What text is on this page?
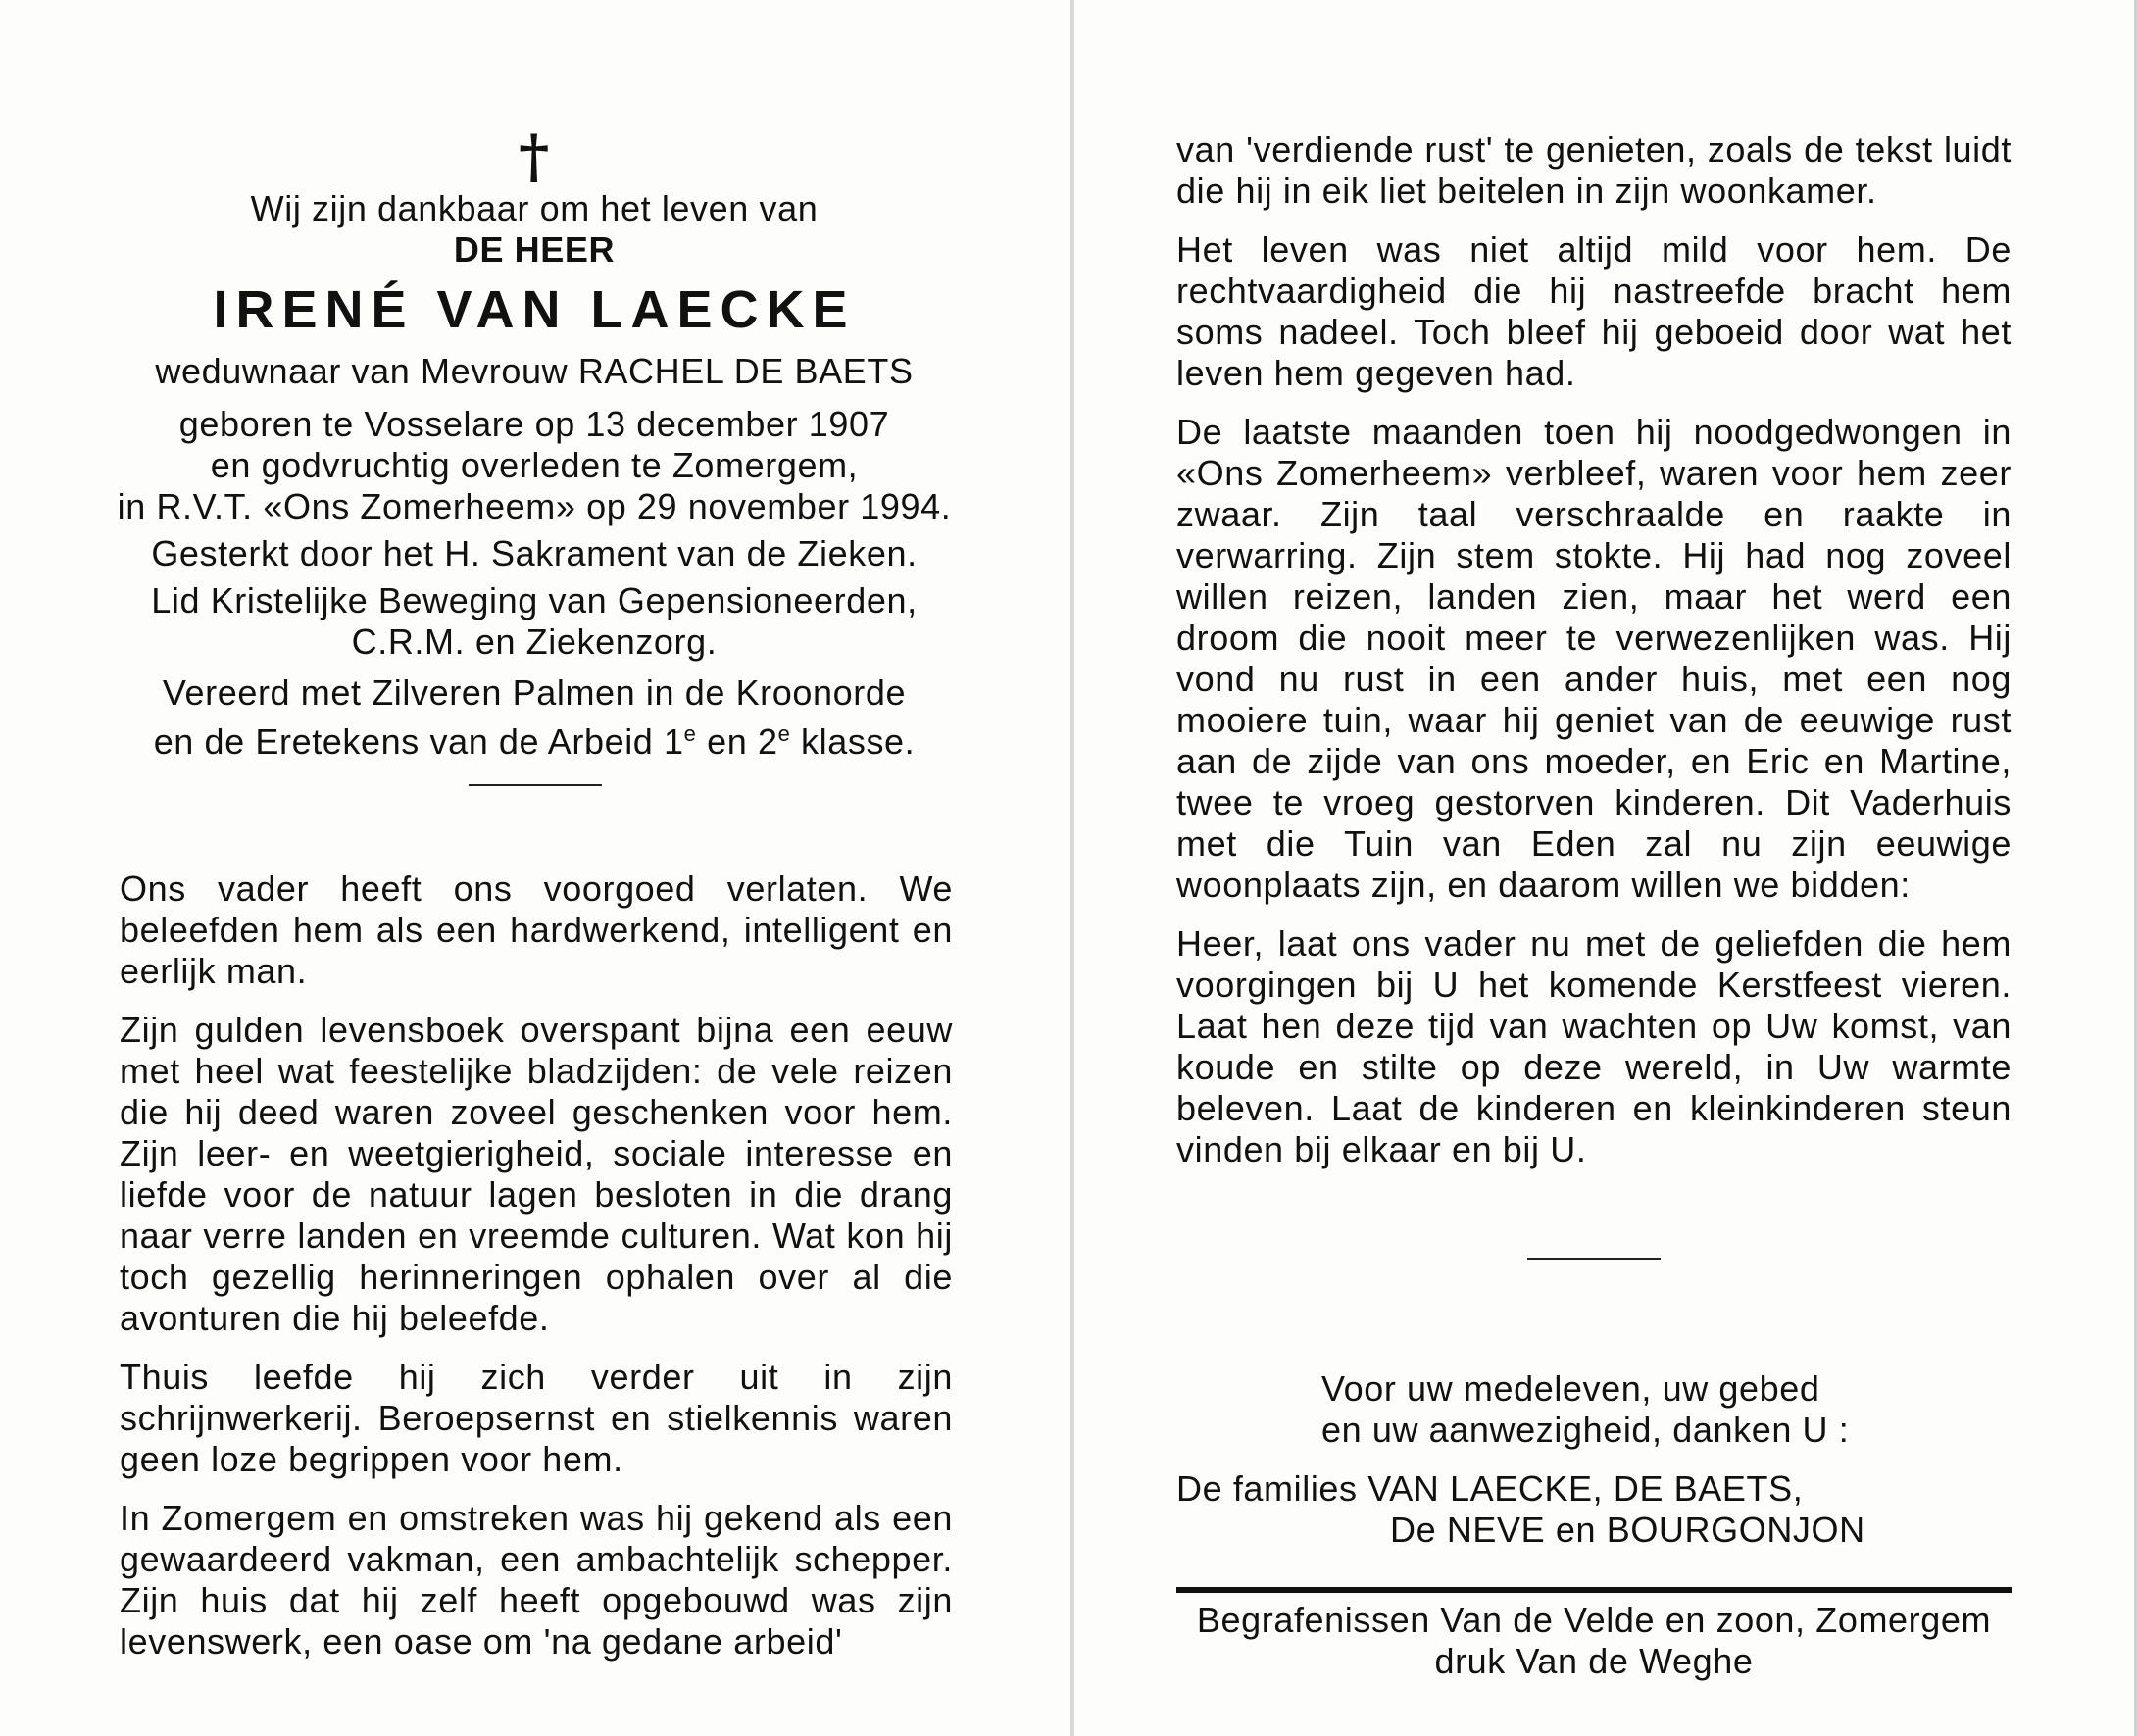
†
Wij zijn dankbaar om het leven van
DE HEER
IRENÉ VAN LAECKE
weduwnaar van Mevrouw RACHEL DE BAETS
geboren te Vosselare op 13 december 1907
en godvruchtig overleden te Zomergem,
in R.V.T. «Ons Zomerheem» op 29 november 1994.
Gesterkt door het H. Sakrament van de Zieken.
Lid Kristelijke Beweging van Gepensioneerden,
C.R.M. en Ziekenzorg.
Vereerd met Zilveren Palmen in de Kroonorde
en de Eretekens van de Arbeid 1e en 2e klasse.

Ons vader heeft ons voorgoed verlaten. We beleefden hem als een hardwerkend, intelligent en eerlijk man.

Zijn gulden levensboek overspant bijna een eeuw met heel wat feestelijke bladzijden: de vele reizen die hij deed waren zoveel geschenken voor hem. Zijn leer- en weetgierigheid, sociale interesse en liefde voor de natuur lagen besloten in die drang naar verre landen en vreemde culturen. Wat kon hij toch gezellig herinneringen ophalen over al die avonturen die hij beleefde.

Thuis leefde hij zich verder uit in zijn schrijnwerkerij. Beroepsernst en stielkennis waren geen loze begrippen voor hem.

In Zomergem en omstreken was hij gekend als een gewaardeerd vakman, een ambachtelijk schepper. Zijn huis dat hij zelf heeft opgebouwd was zijn levenswerk, een oase om 'na gedane arbeid'

van 'verdiende rust' te genieten, zoals de tekst luidt die hij in eik liet beitelen in zijn woonkamer.

Het leven was niet altijd mild voor hem. De rechtvaardigheid die hij nastreefde bracht hem soms nadeel. Toch bleef hij geboeid door wat het leven hem gegeven had.

De laatste maanden toen hij noodgedwongen in «Ons Zomerheem» verbleef, waren voor hem zeer zwaar. Zijn taal verschraalde en raakte in verwarring. Zijn stem stokte. Hij had nog zoveel willen reizen, landen zien, maar het werd een droom die nooit meer te verwezenlijken was. Hij vond nu rust in een ander huis, met een nog mooiere tuin, waar hij geniet van de eeuwige rust aan de zijde van ons moeder, en Eric en Martine, twee te vroeg gestorven kinderen. Dit Vaderhuis met die Tuin van Eden zal nu zijn eeuwige woonplaats zijn, en daarom willen we bidden:

Heer, laat ons vader nu met de geliefden die hem voorgingen bij U het komende Kerstfeest vieren. Laat hen deze tijd van wachten op Uw komst, van koude en stilte op deze wereld, in Uw warmte beleven. Laat de kinderen en kleinkinderen steun vinden bij elkaar en bij U.

Voor uw medeleven, uw gebed
en uw aanwezigheid, danken U :
De families VAN LAECKE, DE BAETS,
De NEVE en BOURGONJON
Begrafenissen Van de Velde en zoon, Zomergem
druk Van de Weghe
